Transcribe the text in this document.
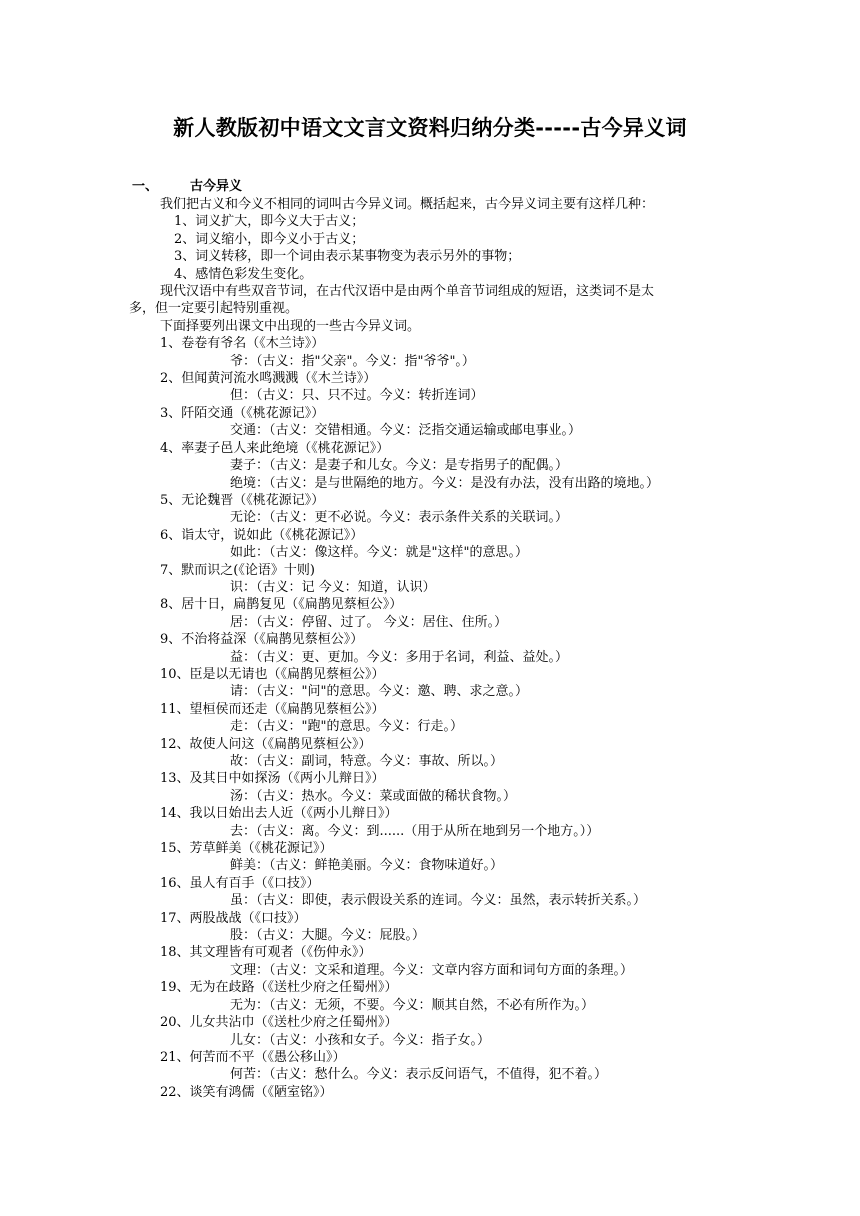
新人教版初中语文文言文资料归纳分类-----古今异义词
一、 古今异义

我们把古义和今义不相同的词叫古今异义词。概括起来，古今异义词主要有这样几种：

1、词义扩大，即今义大于古义；

2、词义缩小，即今义小于古义；

3、词义转移，即一个词由表示某事物变为表示另外的事物；

4、感情色彩发生变化。

现代汉语中有些双音节词，在古代汉语中是由两个单音节词组成的短语，这类词不是太

多，但一定要引起特别重视。

下面择要列出课文中出现的一些古今异义词。

1、卷卷有爷名（《木兰诗》）

爷：（古义：指"父亲"。今义：指"爷爷"。）

2、但闻黄河流水鸣溅溅（《木兰诗》）

但：（古义：只、只不过。今义：转折连词）

3、阡陌交通（《桃花源记》）

交通：（古义：交错相通。今义：泛指交通运输或邮电事业。）

4、率妻子邑人来此绝境（《桃花源记》）

妻子：（古义：是妻子和儿女。今义：是专指男子的配偶。）

绝境：（古义：是与世隔绝的地方。今义：是没有办法，没有出路的境地。）

5、无论魏晋（《桃花源记》）

无论：（古义：更不必说。今义：表示条件关系的关联词。）

6、诣太守，说如此（《桃花源记》）

如此：（古义：像这样。今义：就是"这样"的意思。）

7、默而识之(《论语》十则)

识：（古义：记 今义：知道，认识）

8、居十日，扁鹊复见（《扁鹊见蔡桓公》）

居：（古义：停留、过了。 今义：居住、住所。）

9、不治将益深（《扁鹊见蔡桓公》）

益：（古义：更、更加。今义：多用于名词，利益、益处。）

10、臣是以无请也（《扁鹊见蔡桓公》）

请：（古义："问"的意思。今义：邀、聘、求之意。）

11、望桓侯而还走（《扁鹊见蔡桓公》）

走：（古义："跑"的意思。今义：行走。）

12、故使人问这（《扁鹊见蔡桓公》）

故：（古义：副词，特意。今义：事故、所以。）

13、及其日中如探汤（《两小儿辩日》）

汤：（古义：热水。今义：菜或面做的稀状食物。）

14、我以日始出去人近（《两小儿辩日》）

去：（古义：离。今义：到......（用于从所在地到另一个地方。））

15、芳草鲜美（《桃花源记》）

鲜美：（古义：鲜艳美丽。今义：食物味道好。）

16、虽人有百手（《口技》）

虽：（古义：即使，表示假设关系的连词。今义：虽然，表示转折关系。）

17、两股战战（《口技》）

股：（古义：大腿。今义：屁股。）

18、其文理皆有可观者（《伤仲永》）

文理：（古义：文采和道理。今义：文章内容方面和词句方面的条理。）

19、无为在歧路（《送杜少府之任蜀州》）

无为：（古义：无须，不要。今义：顺其自然，不必有所作为。）

20、儿女共沾巾（《送杜少府之任蜀州》）

儿女：（古义：小孩和女子。今义：指子女。）

21、何苦而不平（《愚公移山》）

何苦：（古义：愁什么。今义：表示反问语气，不值得，犯不着。）

22、谈笑有鸿儒（《陋室铭》）
